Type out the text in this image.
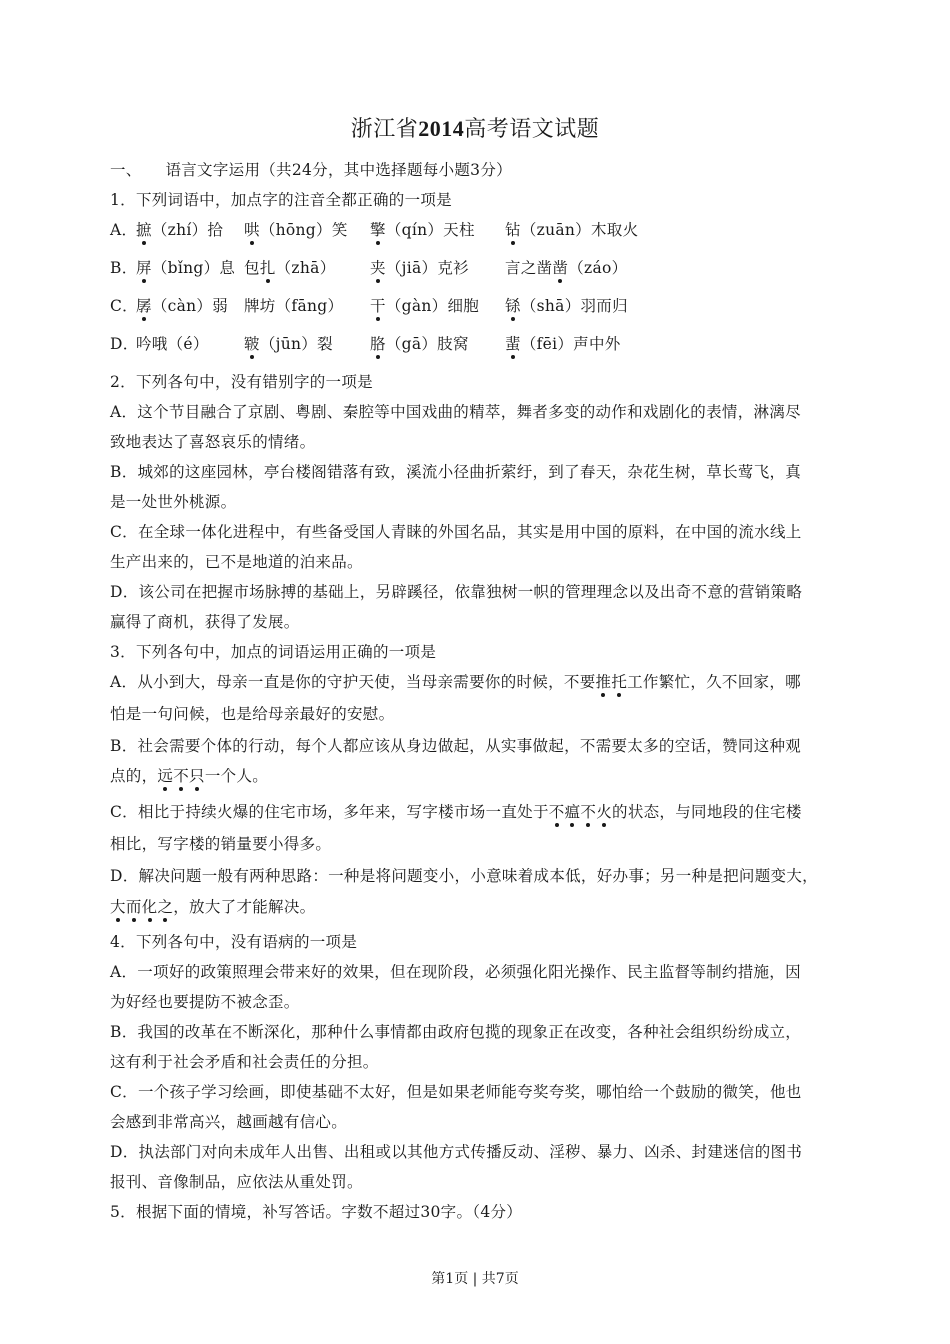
浙江省2014高考语文试题
一、　　语言文字运用（共24分，其中选择题每小题3分）
1．下列词语中，加点字的注音全都正确的一项是
A．
摭（zhí）拾 哄（hōng）笑 擎（qín）天柱 钻（zuān）木取火
B．
屏（bǐng）息 包扎（zhā） 夹（jiā）克衫 言之凿凿（záo）
C．
孱（càn）弱 牌坊（fāng） 干（gàn）细胞 铩（shā）羽而归
D．
吟哦（é） 皲（jūn）裂 胳（gā）肢窝 蜚（fēi）声中外
2．下列各句中，没有错别字的一项是
A．这个节目融合了京剧、粤剧、秦腔等中国戏曲的精萃，舞者多变的动作和戏剧化的表情，淋漓尽
致地表达了喜怒哀乐的情绪。
B．城郊的这座园林，亭台楼阁错落有致，溪流小径曲折萦纡，到了春天，杂花生树，草长莺飞，真
是一处世外桃源。
C．在全球一体化进程中，有些备受国人青睐的外国名品，其实是用中国的原料，在中国的流水线上
生产出来的，已不是地道的泊来品。
D．该公司在把握市场脉搏的基础上，另辟蹊径，依靠独树一帜的管理理念以及出奇不意的营销策略
赢得了商机，获得了发展。
3．下列各句中，加点的词语运用正确的一项是
A．从小到大，母亲一直是你的守护天使，当母亲需要你的时候，不要推托工作繁忙，久不回家，哪
怕是一句问候，也是给母亲最好的安慰。
B．社会需要个体的行动，每个人都应该从身边做起，从实事做起，不需要太多的空话，赞同这种观
点的，远不只一个人。
C．相比于持续火爆的住宅市场，多年来，写字楼市场一直处于不瘟不火的状态，与同地段的住宅楼
相比，写字楼的销量要小得多。
D．解决问题一般有两种思路：一种是将问题变小，小意味着成本低，好办事；另一种是把问题变大，
大而化之，放大了才能解决。
4．下列各句中，没有语病的一项是
A．一项好的政策照理会带来好的效果，但在现阶段，必须强化阳光操作、民主监督等制约措施，因
为好经也要提防不被念歪。
B．我国的改革在不断深化，那种什么事情都由政府包揽的现象正在改变，各种社会组织纷纷成立，
这有利于社会矛盾和社会责任的分担。
C．一个孩子学习绘画，即使基础不太好，但是如果老师能夸奖夸奖，哪怕给一个鼓励的微笑，他也
会感到非常高兴，越画越有信心。
D．执法部门对向未成年人出售、出租或以其他方式传播反动、淫秽、暴力、凶杀、封建迷信的图书
报刊、音像制品，应依法从重处罚。
5．根据下面的情境，补写答话。字数不超过30字。（4分）
第1页 | 共7页
